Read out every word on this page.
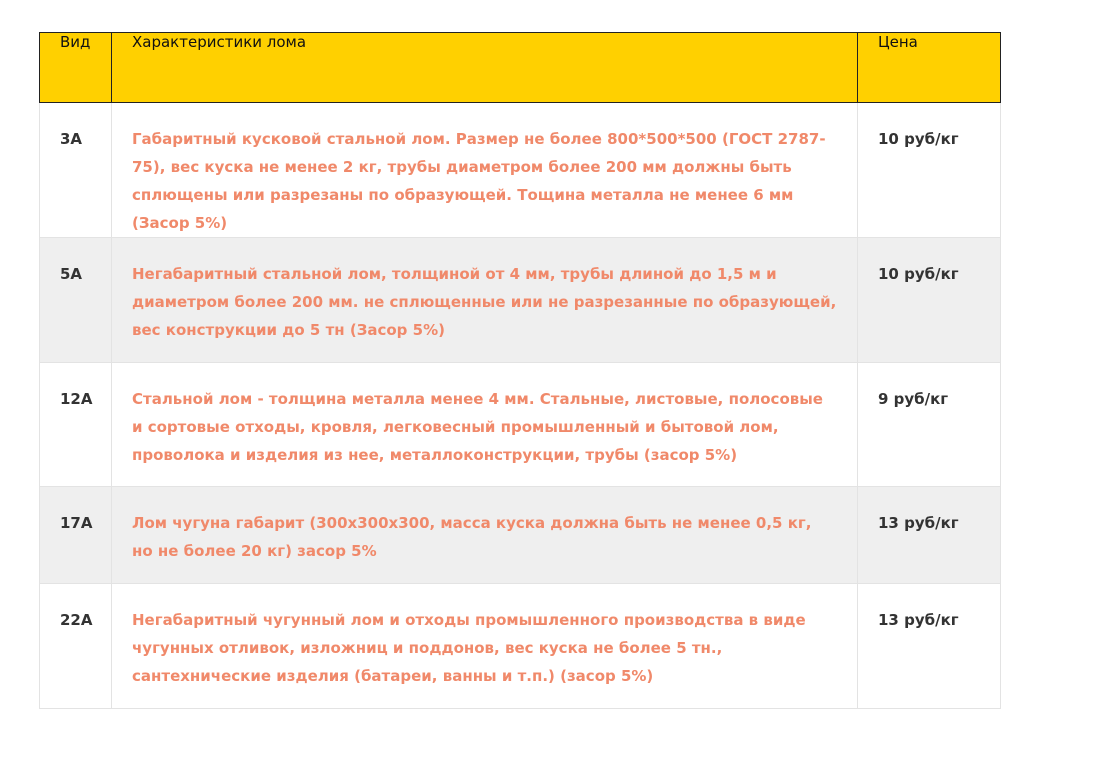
Вид	Характеристики лома	Цена
3А	Габаритный кусковой стальной лом. Размер не более 800*500*500 (ГОСТ 2787-75), вес куска не менее 2 кг, трубы диаметром более 200 мм должны быть сплющены или разрезаны по образующей. Тощина металла не менее 6 мм (Засор 5%)	10 руб/кг
5А	Негабаритный стальной лом, толщиной от 4 мм, трубы длиной до 1,5 м и диаметром более 200 мм. не сплющенные или не разрезанные по образующей, вес конструкции до 5 тн (Засор 5%)	10 руб/кг
12А	Стальной лом - толщина металла менее 4 мм. Стальные, листовые, полосовые и сортовые отходы, кровля, легковесный промышленный и бытовой лом, проволока и изделия из нее, металлоконструкции, трубы (засор 5%)	9 руб/кг
17А	Лом чугуна габарит (300х300х300, масса куска должна быть не менее 0,5 кг, но не более 20 кг) засор 5%	13 руб/кг
22А	Негабаритный чугунный лом и отходы промышленного производства в виде чугунных отливок, изложниц и поддонов, вес куска не более 5 тн., сантехнические изделия (батареи, ванны и т.п.) (засор 5%)	13 руб/кг
